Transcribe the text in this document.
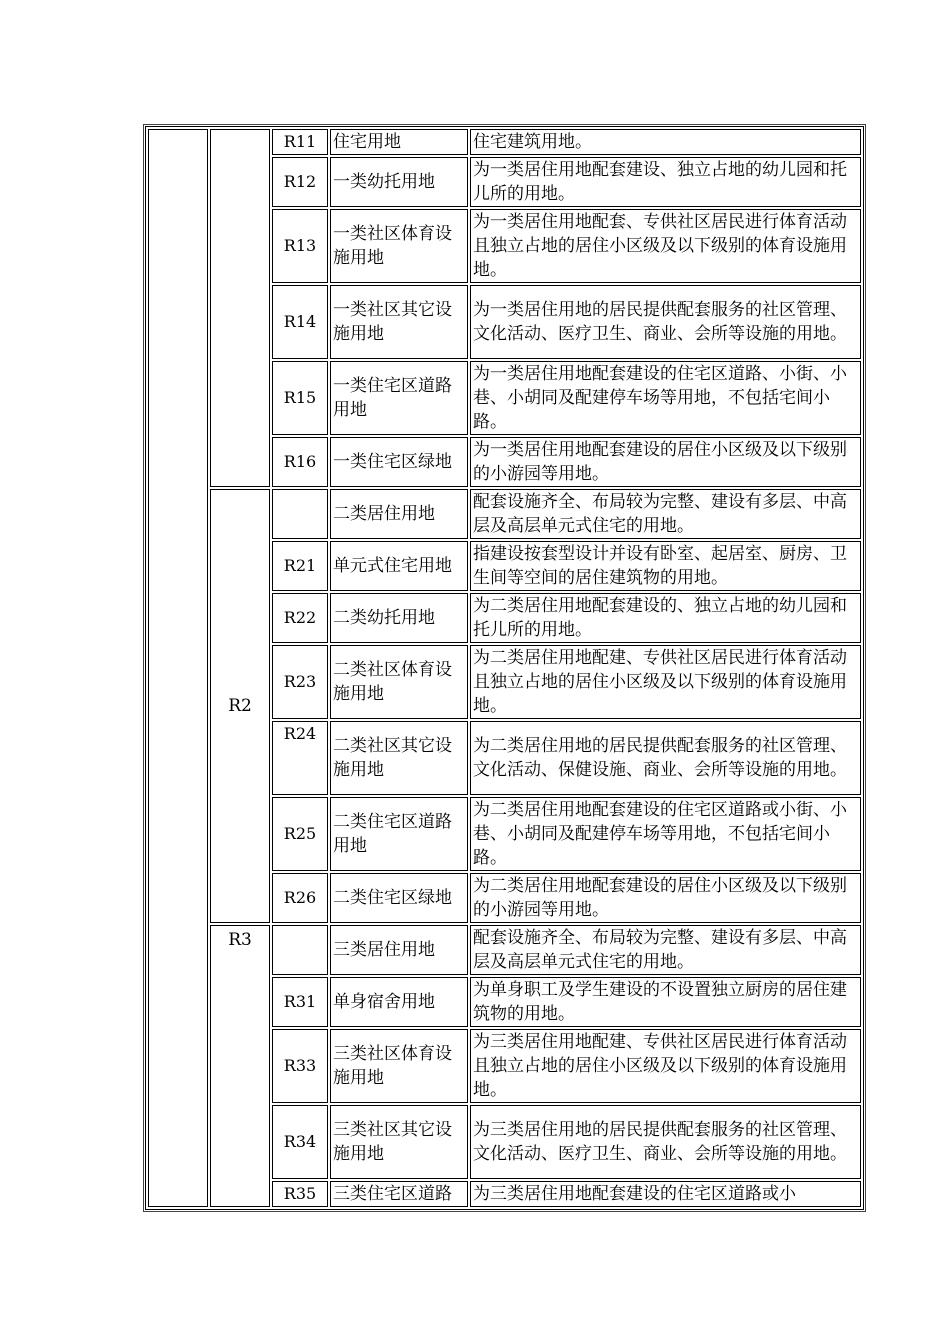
		R11	住宅用地	住宅建筑用地。
		R12	一类幼托用地	为一类居住用地配套建设、独立占地的幼儿园和托儿所的用地。
		R13	一类社区体育设施用地	为一类居住用地配套、专供社区居民进行体育活动且独立占地的居住小区级及以下级别的体育设施用地。
		R14	一类社区其它设施用地	为一类居住用地的居民提供配套服务的社区管理、文化活动、医疗卫生、商业、会所等设施的用地。
		R15	一类住宅区道路用地	为一类居住用地配套建设的住宅区道路、小街、小巷、小胡同及配建停车场等用地，不包括宅间小路。
		R16	一类住宅区绿地	为一类居住用地配套建设的居住小区级及以下级别的小游园等用地。
	R2		二类居住用地	配套设施齐全、布局较为完整、建设有多层、中高层及高层单元式住宅的用地。
		R21	单元式住宅用地	指建设按套型设计并设有卧室、起居室、厨房、卫生间等空间的居住建筑物的用地。
		R22	二类幼托用地	为二类居住用地配套建设的、独立占地的幼儿园和托儿所的用地。
		R23	二类社区体育设施用地	为二类居住用地配建、专供社区居民进行体育活动且独立占地的居住小区级及以下级别的体育设施用地。
		R24	二类社区其它设施用地	为二类居住用地的居民提供配套服务的社区管理、文化活动、保健设施、商业、会所等设施的用地。
		R25	二类住宅区道路用地	为二类居住用地配套建设的住宅区道路或小街、小巷、小胡同及配建停车场等用地，不包括宅间小路。
		R26	二类住宅区绿地	为二类居住用地配套建设的居住小区级及以下级别的小游园等用地。
	R3		三类居住用地	配套设施齐全、布局较为完整、建设有多层、中高层及高层单元式住宅的用地。
		R31	单身宿舍用地	为单身职工及学生建设的不设置独立厨房的居住建筑物的用地。
		R33	三类社区体育设施用地	为三类居住用地配建、专供社区居民进行体育活动且独立占地的居住小区级及以下级别的体育设施用地。
		R34	三类社区其它设施用地	为三类居住用地的居民提供配套服务的社区管理、文化活动、医疗卫生、商业、会所等设施的用地。
		R35	三类住宅区道路	为三类居住用地配套建设的住宅区道路或小
